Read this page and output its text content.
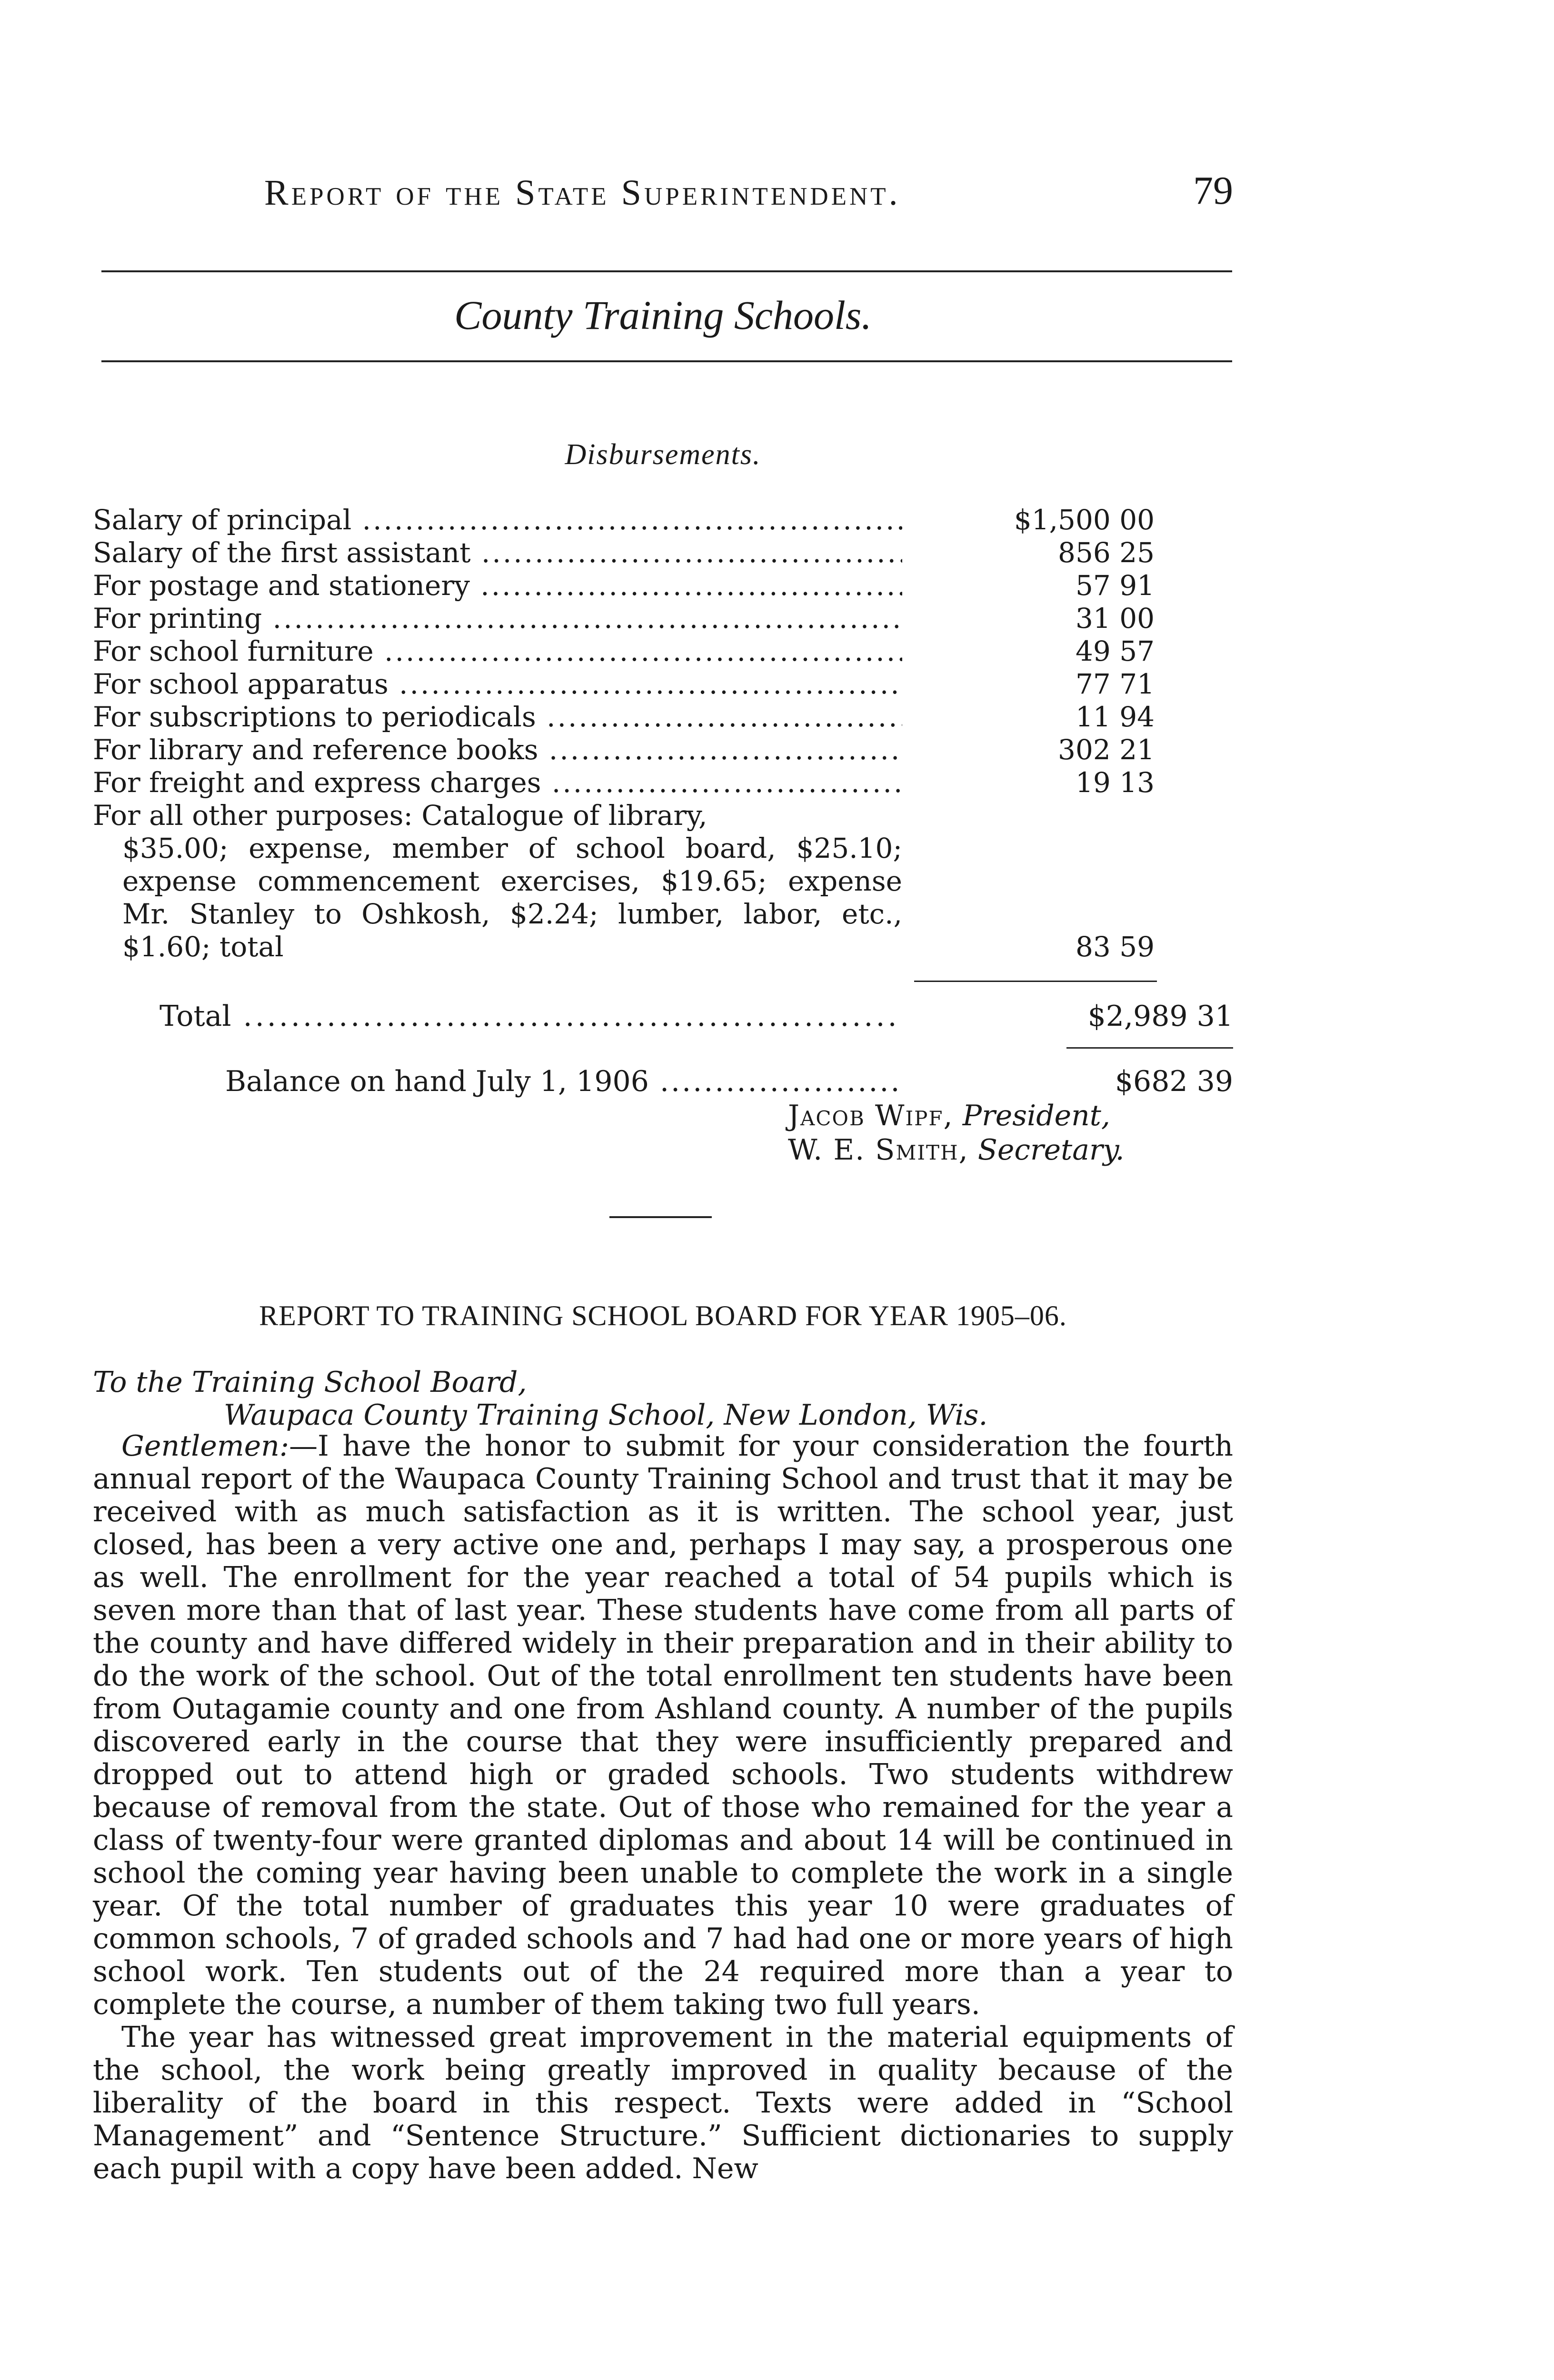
Report of the State Superintendent.	79
County Training Schools.
Disbursements.
Salary of principal .....	$1,500 00
Salary of the first assistant .....	856 25
For postage and stationery .....	57 91
For printing .....	31 00
For school furniture .....	49 57
For school apparatus .....	77 71
For subscriptions to periodicals .....	11 94
For library and reference books .....	302 21
For freight and express charges .....	19 13
For all other purposes: Catalogue of library,
$35.00; expense, member of school board, $25.10; expense commencement exercises, $19.65; expense Mr. Stanley to Oshkosh, $2.24; lumber, labor, etc., $1.60; total	83 59
Total .....	$2,989 31
Balance on hand July 1, 1906 .....	$682 39
Jacob Wipf, President,
W. E. Smith, Secretary.
REPORT TO TRAINING SCHOOL BOARD FOR YEAR 1905–06.
To the Training School Board,
Waupaca County Training School, New London, Wis.

Gentlemen:—I have the honor to submit for your consideration the fourth annual report of the Waupaca County Training School and trust that it may be received with as much satisfaction as it is written. The school year, just closed, has been a very active one and, perhaps I may say, a prosperous one as well. The enrollment for the year reached a total of 54 pupils which is seven more than that of last year. These students have come from all parts of the county and have differed widely in their preparation and in their ability to do the work of the school. Out of the total enrollment ten students have been from Outagamie county and one from Ashland county. A number of the pupils discovered early in the course that they were insufficiently prepared and dropped out to attend high or graded schools. Two students withdrew because of removal from the state. Out of those who remained for the year a class of twenty-four were granted diplomas and about 14 will be continued in school the coming year having been unable to complete the work in a single year. Of the total number of graduates this year 10 were graduates of common schools, 7 of graded schools and 7 had had one or more years of high school work. Ten students out of the 24 required more than a year to complete the course, a number of them taking two full years.

The year has witnessed great improvement in the material equipments of the school, the work being greatly improved in quality because of the liberality of the board in this respect. Texts were added in “School Management” and “Sentence Structure.” Sufficient dictionaries to supply each pupil with a copy have been added. New
